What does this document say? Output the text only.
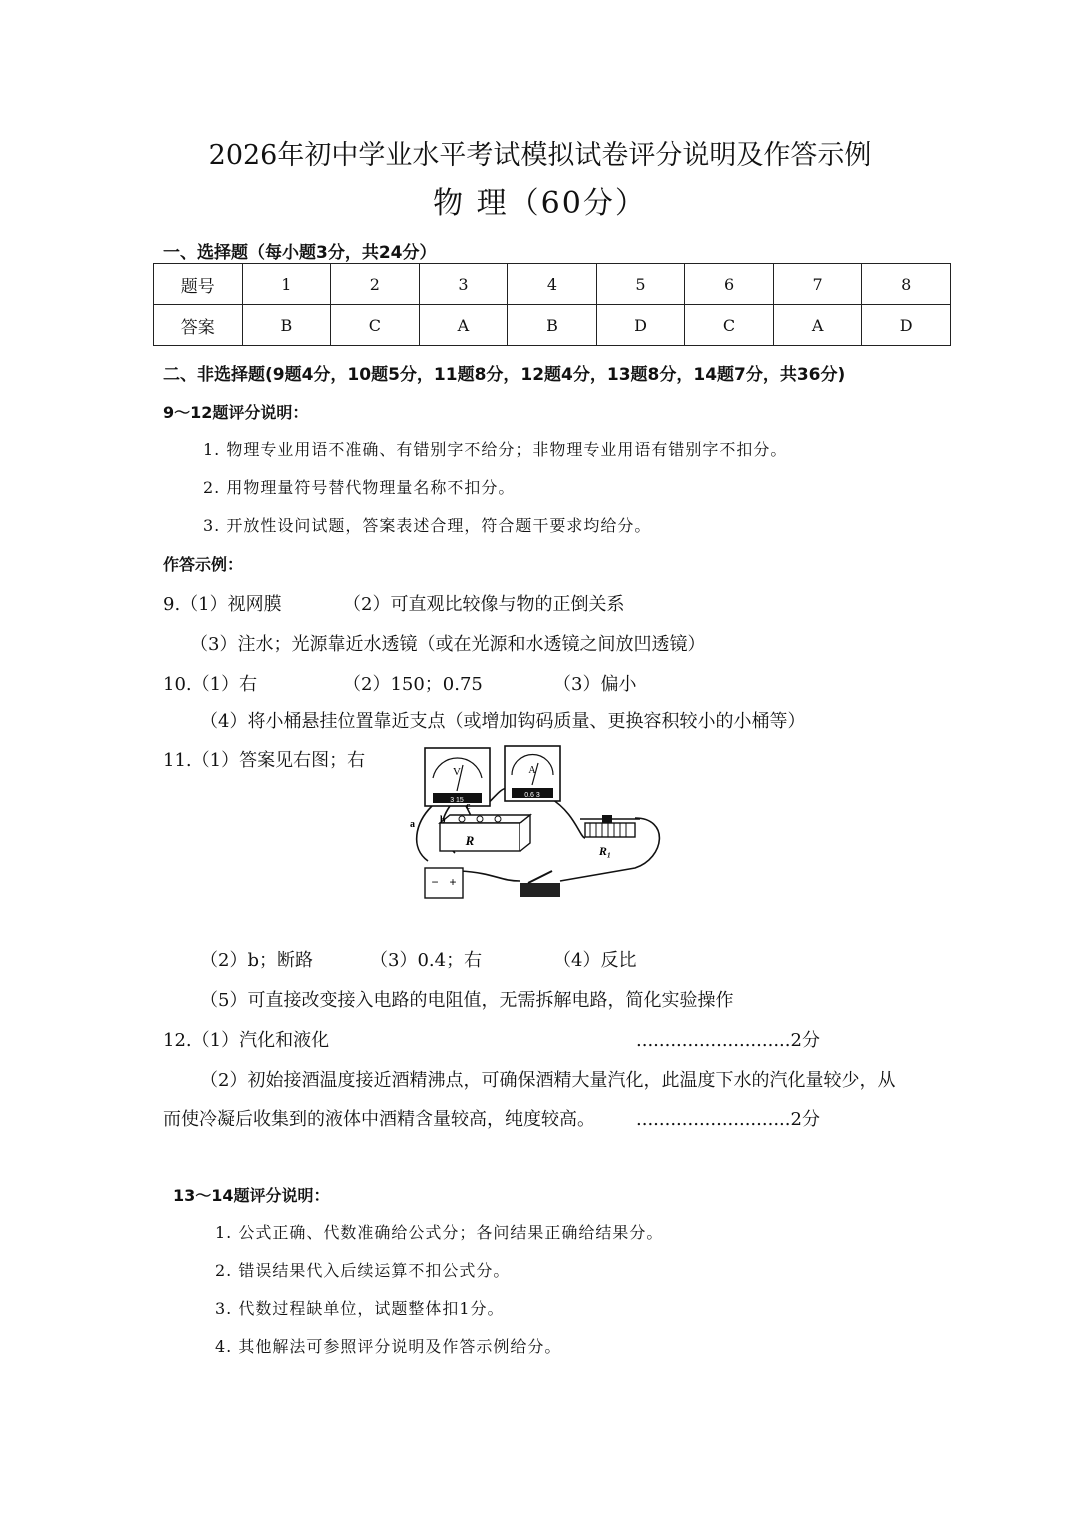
2026年初中学业水平考试模拟试卷评分说明及作答示例
物 理（60分）
一、选择题（每小题3分，共24分）
题号	1	2	3	4	5	6	7	8
答案	B	C	A	B	D	C	A	D
二、非选择题(9题4分，10题5分，11题8分，12题4分，13题8分，14题7分，共36分)
9～12题评分说明：
1. 物理专业用语不准确、有错别字不给分；非物理专业用语有错别字不扣分。
2. 用物理量符号替代物理量名称不扣分。
3. 开放性设问试题，答案表述合理，符合题干要求均给分。
作答示例：
9.（1）视网膜	（2）可直观比较像与物的正倒关系
（3）注水；光源靠近水透镜（或在光源和水透镜之间放凹透镜）
10.（1）右	（2）150；0.75	（3）偏小
（4）将小桶悬挂位置靠近支点（或增加钩码质量、更换容积较小的小桶等）
11.（1）答案见右图；右
V
3 15
A
0.6 3
R
R₁
− +
a	b
c
（2）b；断路	（3）0.4；右	（4）反比
（5）可直接改变接入电路的电阻值，无需拆解电路，简化实验操作
12.（1）汽化和液化	...........................2分
（2）初始接酒温度接近酒精沸点，可确保酒精大量汽化，此温度下水的汽化量较少，从
而使冷凝后收集到的液体中酒精含量较高，纯度较高。 ...........................2分
13～14题评分说明：
1. 公式正确、代数准确给公式分；各问结果正确给结果分。
2. 错误结果代入后续运算不扣公式分。
3. 代数过程缺单位，试题整体扣1分。
4. 其他解法可参照评分说明及作答示例给分。
